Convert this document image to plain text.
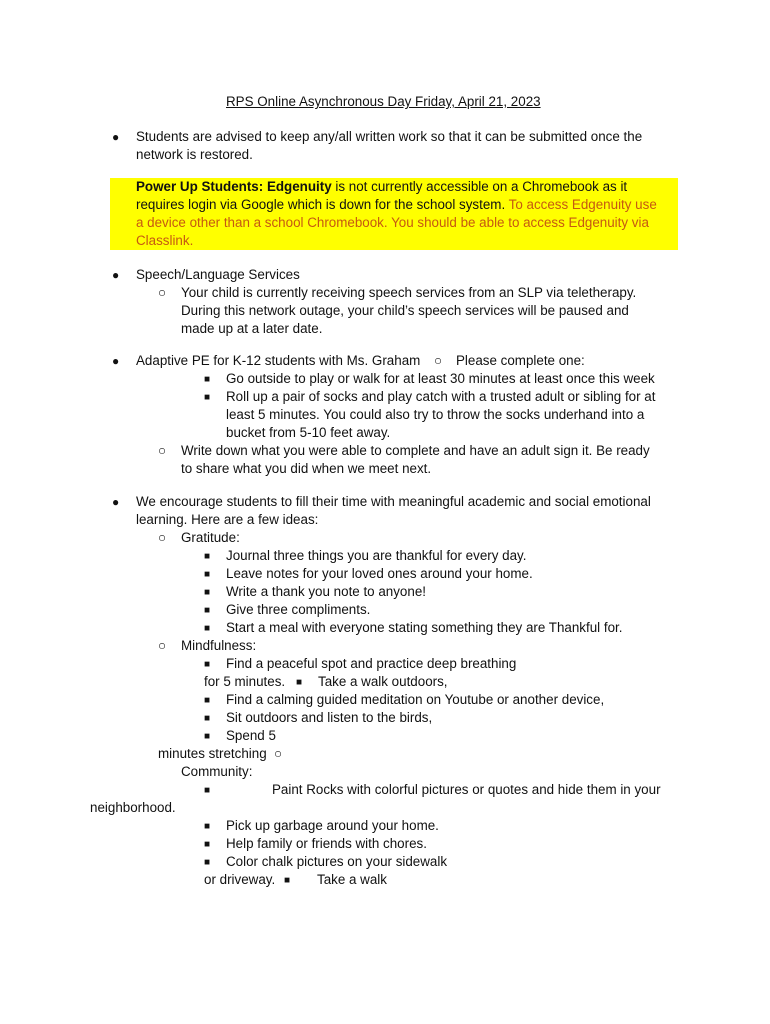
RPS Online Asynchronous Day Friday, April 21, 2023
● Students are advised to keep any/all written work so that it can be submitted once the
network is restored.
Power Up Students: Edgenuity is not currently accessible on a Chromebook as it
requires login via Google which is down for the school system. To access Edgenuity use
a device other than a school Chromebook. You should be able to access Edgenuity via
Classlink.
● Speech/Language Services
○ Your child is currently receiving speech services from an SLP via teletherapy.
During this network outage, your child’s speech services will be paused and
made up at a later date.
● Adaptive PE for K-12 students with Ms. Graham ○ Please complete one:
■ Go outside to play or walk for at least 30 minutes at least once this week
■ Roll up a pair of socks and play catch with a trusted adult or sibling for at
least 5 minutes. You could also try to throw the socks underhand into a
bucket from 5-10 feet away.
○ Write down what you were able to complete and have an adult sign it. Be ready
to share what you did when we meet next.
● We encourage students to fill their time with meaningful academic and social emotional
learning. Here are a few ideas:
○ Gratitude:
■ Journal three things you are thankful for every day.
■ Leave notes for your loved ones around your home.
■ Write a thank you note to anyone!
■ Give three compliments.
■ Start a meal with everyone stating something they are Thankful for.
○ Mindfulness:
■ Find a peaceful spot and practice deep breathing
for 5 minutes. ■ Take a walk outdoors,
■ Find a calming guided meditation on Youtube or another device,
■ Sit outdoors and listen to the birds,
■ Spend 5
minutes stretching ○
Community:
■	Paint Rocks with colorful pictures or quotes and hide them in your
neighborhood.
■ Pick up garbage around your home.
■ Help family or friends with chores.
■ Color chalk pictures on your sidewalk
or driveway. ■ Take a walk
